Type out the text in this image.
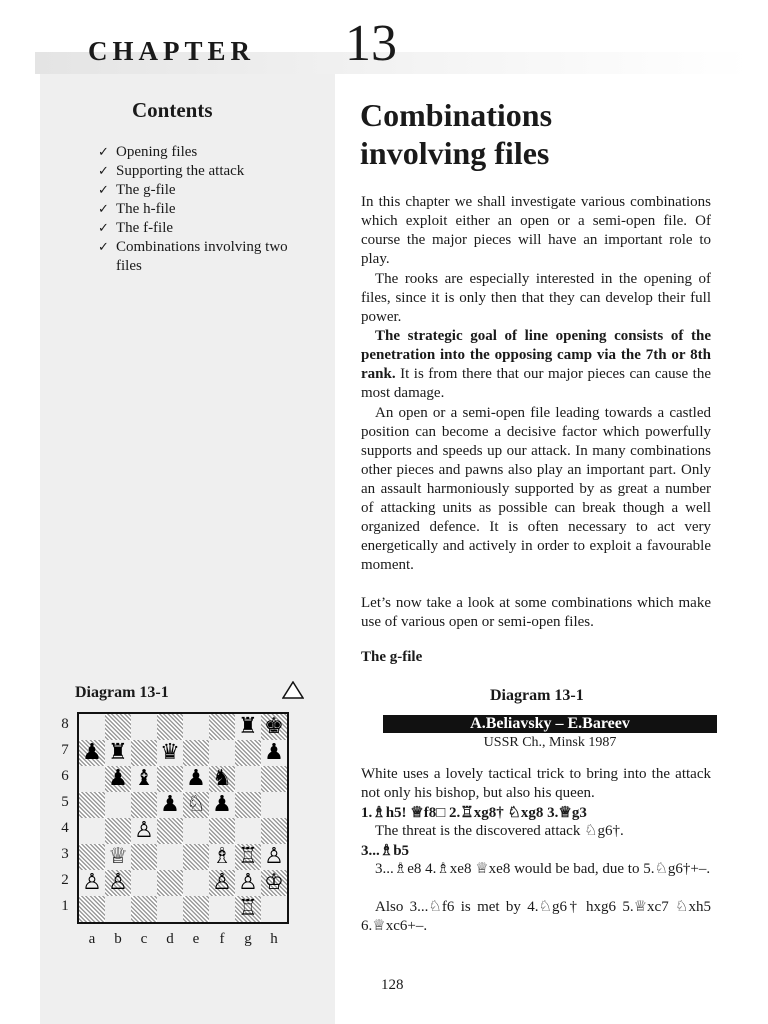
CHAPTER 13
Contents
✓ Opening files
✓ Supporting the attack
✓ The g-file
✓ The h-file
✓ The f-file
✓ Combinations involving two files
Combinations
involving files

In this chapter we shall investigate various combinations which exploit either an open or a semi-open file. Of course the major pieces will have an important role to play.

The rooks are especially interested in the opening of files, since it is only then that they can develop their full power.

The strategic goal of line opening consists of the penetration into the opposing camp via the 7th or 8th rank. It is from there that our major pieces can cause the most damage.

An open or a semi-open file leading towards a castled position can become a decisive factor which powerfully supports and speeds up our attack. In many combinations other pieces and pawns also play an important part. Only an assault harmoniously supported by as great a number of attacking units as possible can break though a well organized defence. It is often necessary to act very energetically and actively in order to exploit a favourable moment.

Let’s now take a look at some combinations which make use of various open or semi-open files.

The g-file
Diagram 13-1
8
7
6
5
4
3
2
1
♜ ♚
♟ ♜ ♛	♟
♟ ♝ ♟ ♞
♟ ♘ ♟
♙
♕	♗ ♖ ♙
♙ ♙	♙ ♙ ♔
♖
a	b	c	d	e	f	g	h
Diagram 13-1
A.Beliavsky – E.Bareev
USSR Ch., Minsk 1987

White uses a lovely tactical trick to bring into the attack not only his bishop, but also his queen.

1.♗h5! ♕f8□ 2.♖xg8† ♘xg8 3.♕g3

The threat is the discovered attack ♘g6†.

3...♗b5

3...♗e8 4.♗xe8 ♕xe8 would be bad, due to 5.♘g6†+–.

Also 3...♘f6 is met by 4.♘g6† hxg6 5.♕xc7 ♘xh5 6.♕xc6+–.

128
